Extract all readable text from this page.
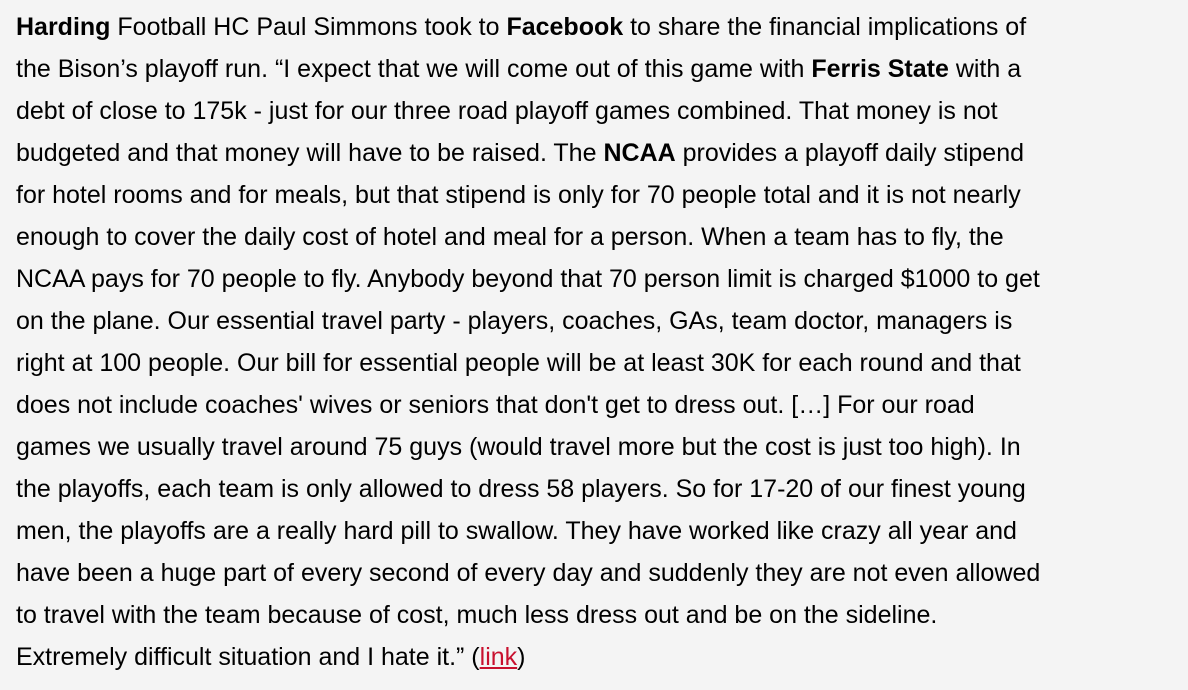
Harding Football HC Paul Simmons took to Facebook to share the financial implications of
the Bison’s playoff run. “I expect that we will come out of this game with Ferris State with a
debt of close to 175k - just for our three road playoff games combined. That money is not
budgeted and that money will have to be raised. The NCAA provides a playoff daily stipend
for hotel rooms and for meals, but that stipend is only for 70 people total and it is not nearly
enough to cover the daily cost of hotel and meal for a person. When a team has to fly, the
NCAA pays for 70 people to fly. Anybody beyond that 70 person limit is charged $1000 to get
on the plane. Our essential travel party - players, coaches, GAs, team doctor, managers is
right at 100 people. Our bill for essential people will be at least 30K for each round and that
does not include coaches' wives or seniors that don't get to dress out. […] For our road
games we usually travel around 75 guys (would travel more but the cost is just too high). In
the playoffs, each team is only allowed to dress 58 players. So for 17-20 of our finest young
men, the playoffs are a really hard pill to swallow. They have worked like crazy all year and
have been a huge part of every second of every day and suddenly they are not even allowed
to travel with the team because of cost, much less dress out and be on the sideline.
Extremely difficult situation and I hate it.” (link)
